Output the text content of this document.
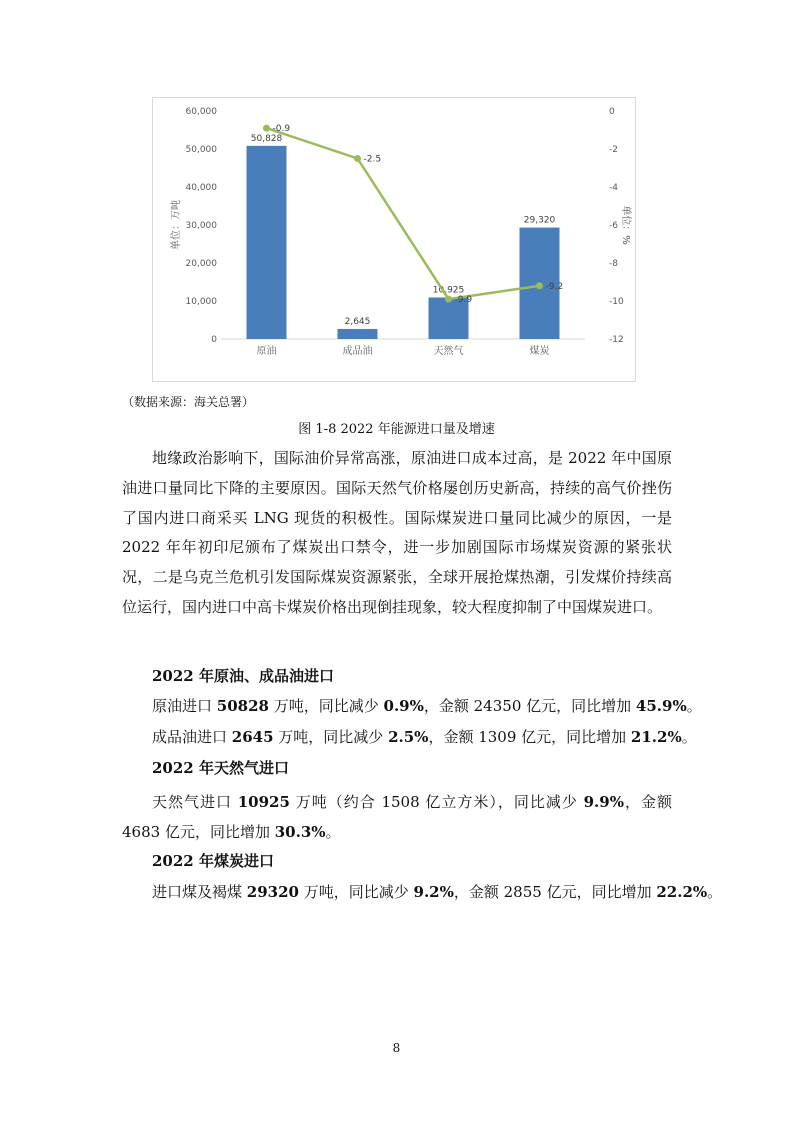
0
10,000
20,000
30,000
40,000
50,000
60,000	0
-2
-4
-6
-8
-10
-12
单位：万吨	单位：%
50,828
2,645
10,925
29,320
原油	成品油	天然气	煤炭
-0.9
-2.5
-9.9
-9.2
（数据来源：海关总署）
图 1-8 2022 年能源进口量及增速
地缘政治影响下，国际油价异常高涨，原油进口成本过高，是 2022 年中国原油进口量同比下降的主要原因。国际天然气价格屡创历史新高，持续的高气价挫伤了国内进口商采买 LNG 现货的积极性。国际煤炭进口量同比减少的原因，一是 2022 年年初印尼颁布了煤炭出口禁令，进一步加剧国际市场煤炭资源的紧张状况，二是乌克兰危机引发国际煤炭资源紧张，全球开展抢煤热潮，引发煤价持续高位运行，国内进口中高卡煤炭价格出现倒挂现象，较大程度抑制了中国煤炭进口。
2022 年原油、成品油进口
原油进口 50828 万吨，同比减少 0.9%，金额 24350 亿元，同比增加 45.9%。
成品油进口 2645 万吨，同比减少 2.5%，金额 1309 亿元，同比增加 21.2%。
2022 年天然气进口
天然气进口 10925 万吨（约合 1508 亿立方米），同比减少 9.9%，金额 4683 亿元，同比增加 30.3%。
2022 年煤炭进口
进口煤及褐煤 29320 万吨，同比减少 9.2%，金额 2855 亿元，同比增加 22.2%。
8
